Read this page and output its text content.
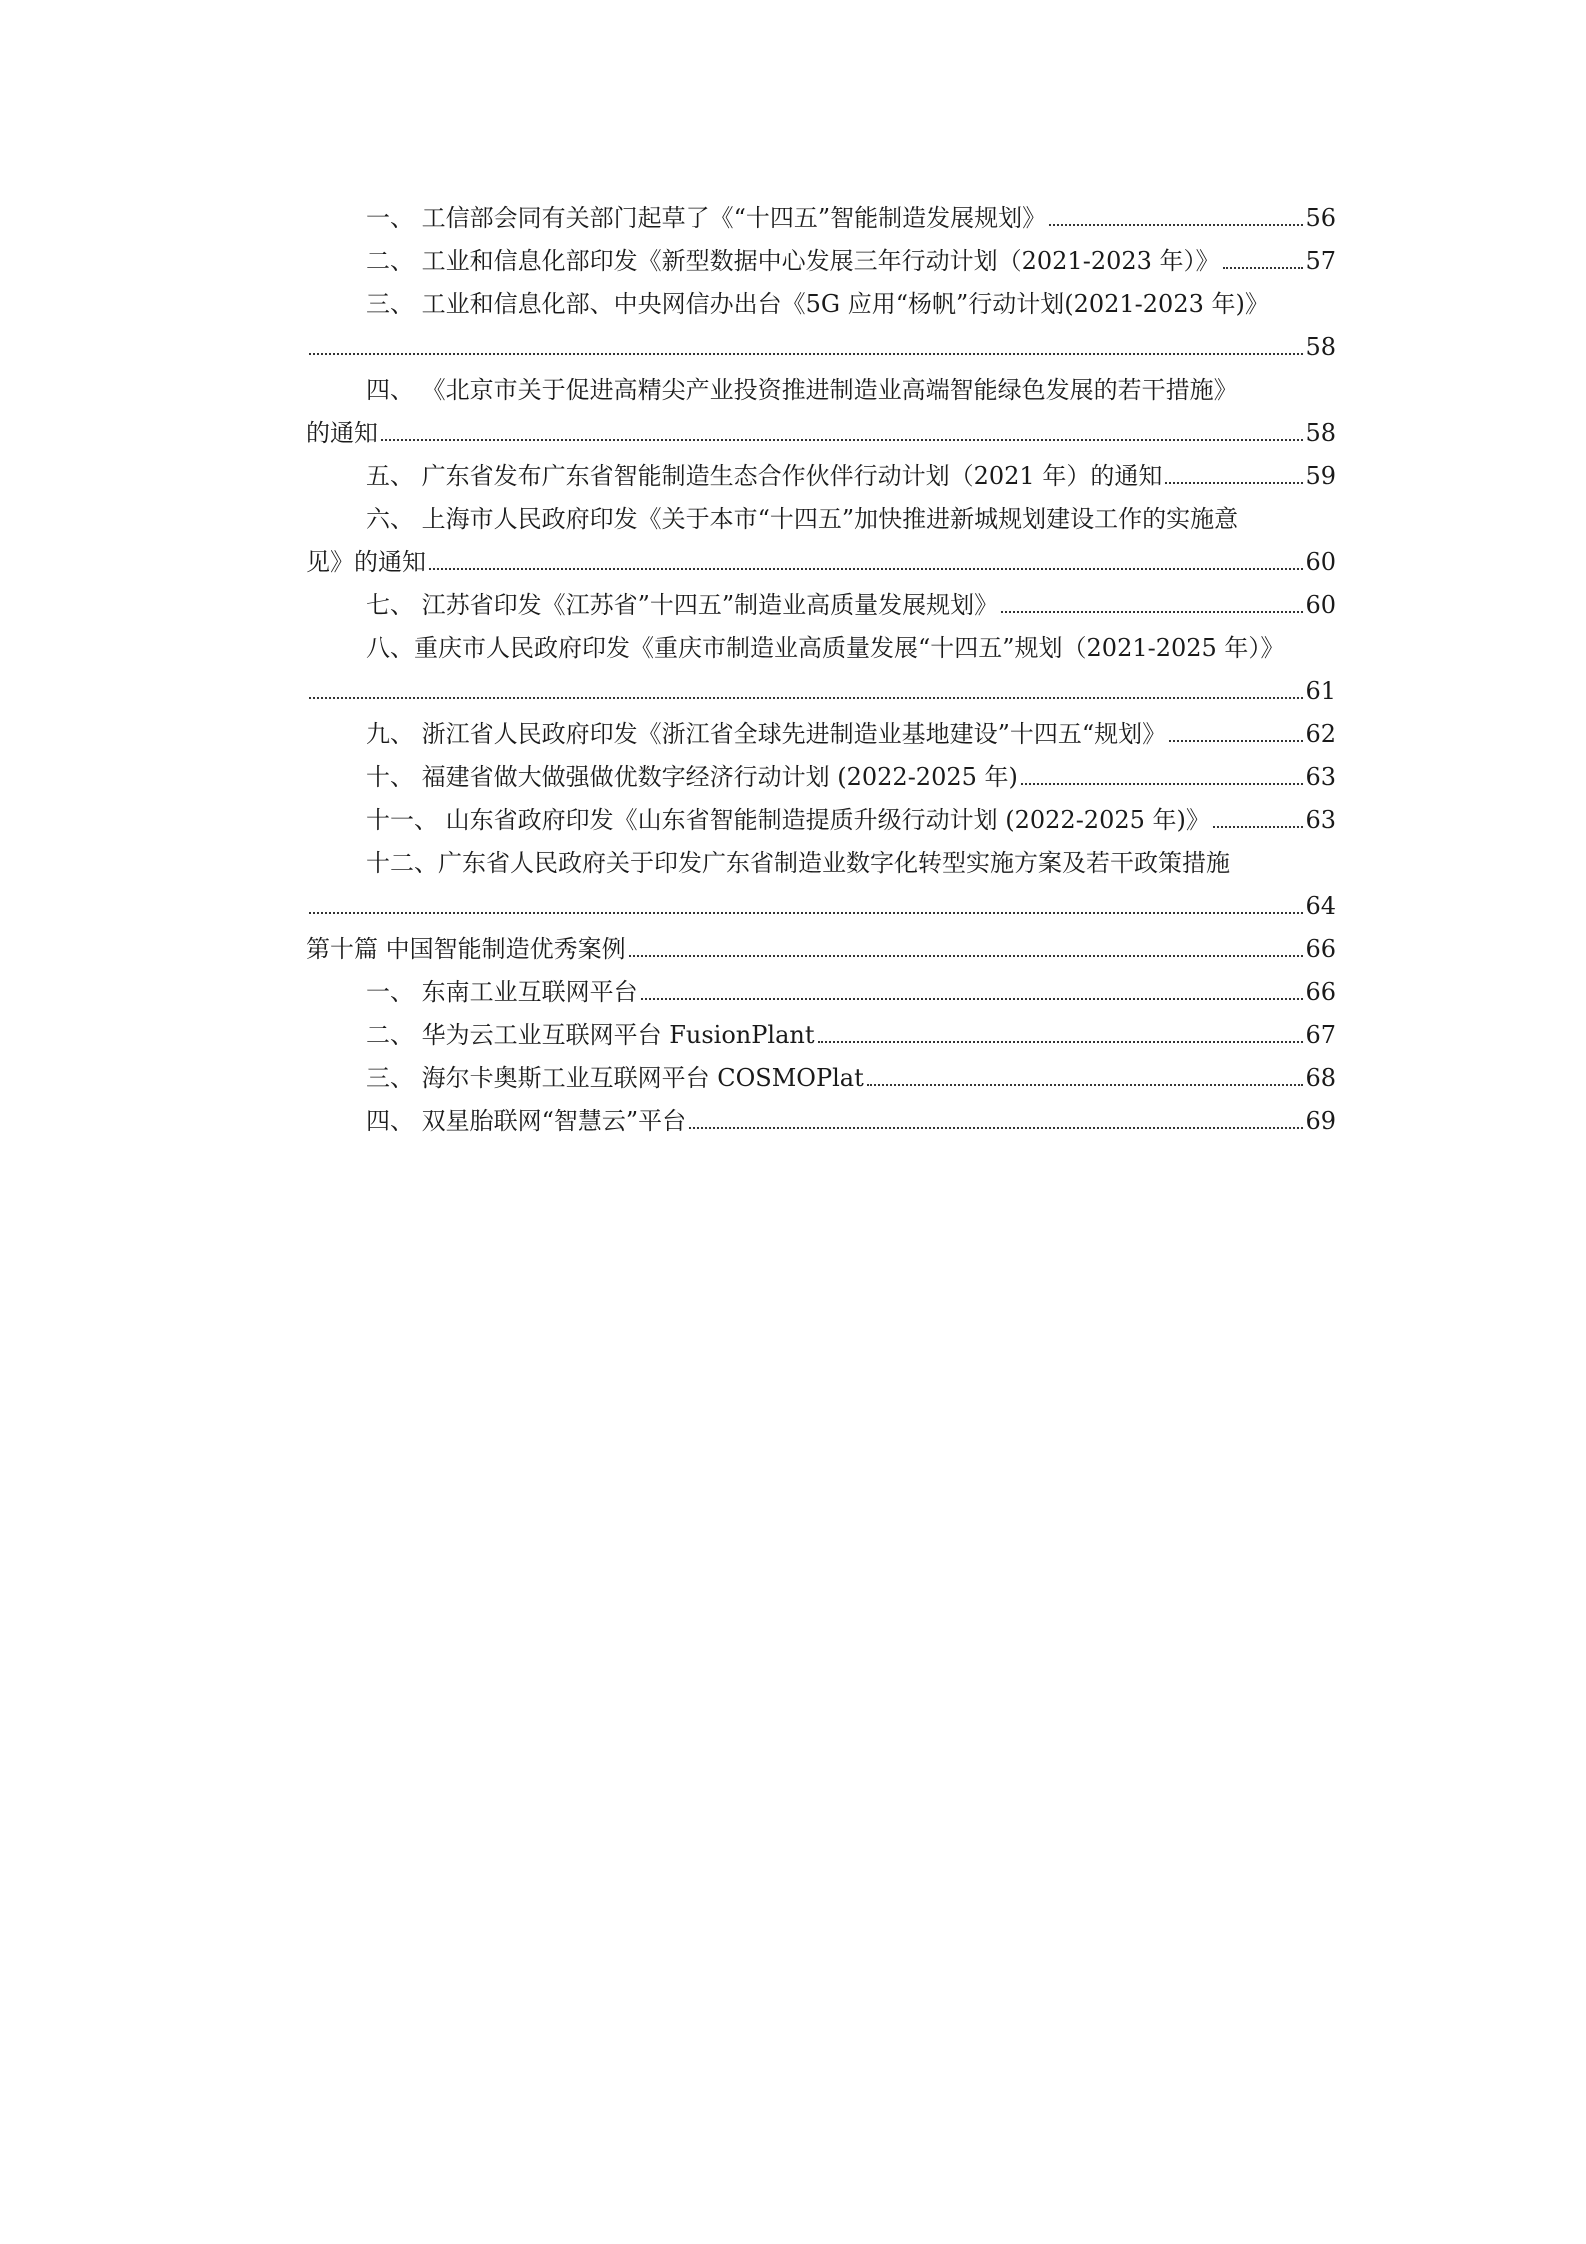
一、 工信部会同有关部门起草了《“十四五”智能制造发展规划》	56
二、 工业和信息化部印发《新型数据中心发展三年行动计划（2021-2023 年）》	57
三、 工业和信息化部、中央网信办出台《5G 应用“杨帆”行动计划(2021-2023 年)》
58
四、 《北京市关于促进高精尖产业投资推进制造业高端智能绿色发展的若干措施》
的通知	58
五、 广东省发布广东省智能制造生态合作伙伴行动计划（2021 年）的通知	59
六、 上海市人民政府印发《关于本市“十四五”加快推进新城规划建设工作的实施意
见》的通知	60
七、 江苏省印发《江苏省”十四五”制造业高质量发展规划》	60
八、重庆市人民政府印发《重庆市制造业高质量发展“十四五”规划（2021-2025 年）》
61
九、 浙江省人民政府印发《浙江省全球先进制造业基地建设”十四五“规划》	62
十、 福建省做大做强做优数字经济行动计划 (2022-2025 年)	63
十一、 山东省政府印发《山东省智能制造提质升级行动计划 (2022-2025 年)》	63
十二、广东省人民政府关于印发广东省制造业数字化转型实施方案及若干政策措施
64
第十篇 中国智能制造优秀案例	66
一、 东南工业互联网平台	66
二、 华为云工业互联网平台 FusionPlant	67
三、 海尔卡奥斯工业互联网平台 COSMOPlat	68
四、 双星胎联网“智慧云”平台	69
